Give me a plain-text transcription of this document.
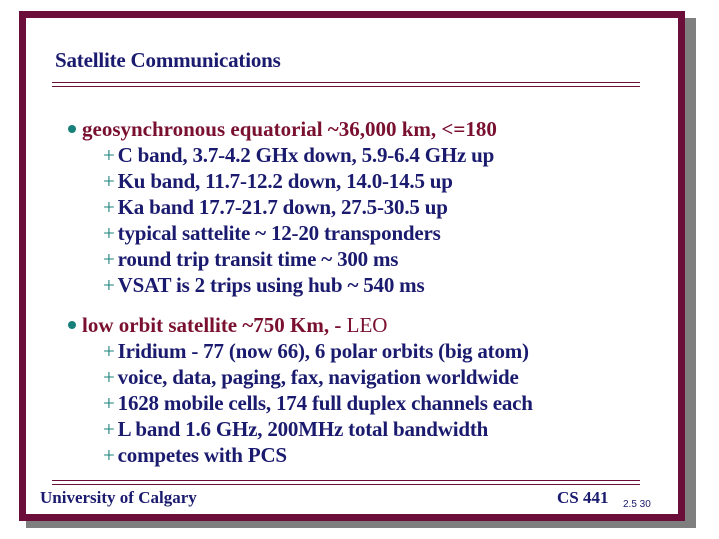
Satellite Communications
geosynchronous equatorial ~36,000 km, <=180
+ C band, 3.7-4.2 GHx down, 5.9-6.4 GHz up
+ Ku band, 11.7-12.2 down, 14.0-14.5 up
+ Ka band 17.7-21.7 down, 27.5-30.5 up
+ typical sattelite ~ 12-20 transponders
+ round trip transit time ~ 300 ms
+ VSAT is 2 trips using hub ~ 540 ms
low orbit satellite ~750 Km, - LEO
+ Iridium - 77 (now 66), 6 polar orbits (big atom)
+ voice, data, paging, fax, navigation worldwide
+ 1628 mobile cells, 174 full duplex channels each
+ L band 1.6 GHz, 200MHz total bandwidth
+ competes with PCS
University of Calgary	CS 441 2.5 30
